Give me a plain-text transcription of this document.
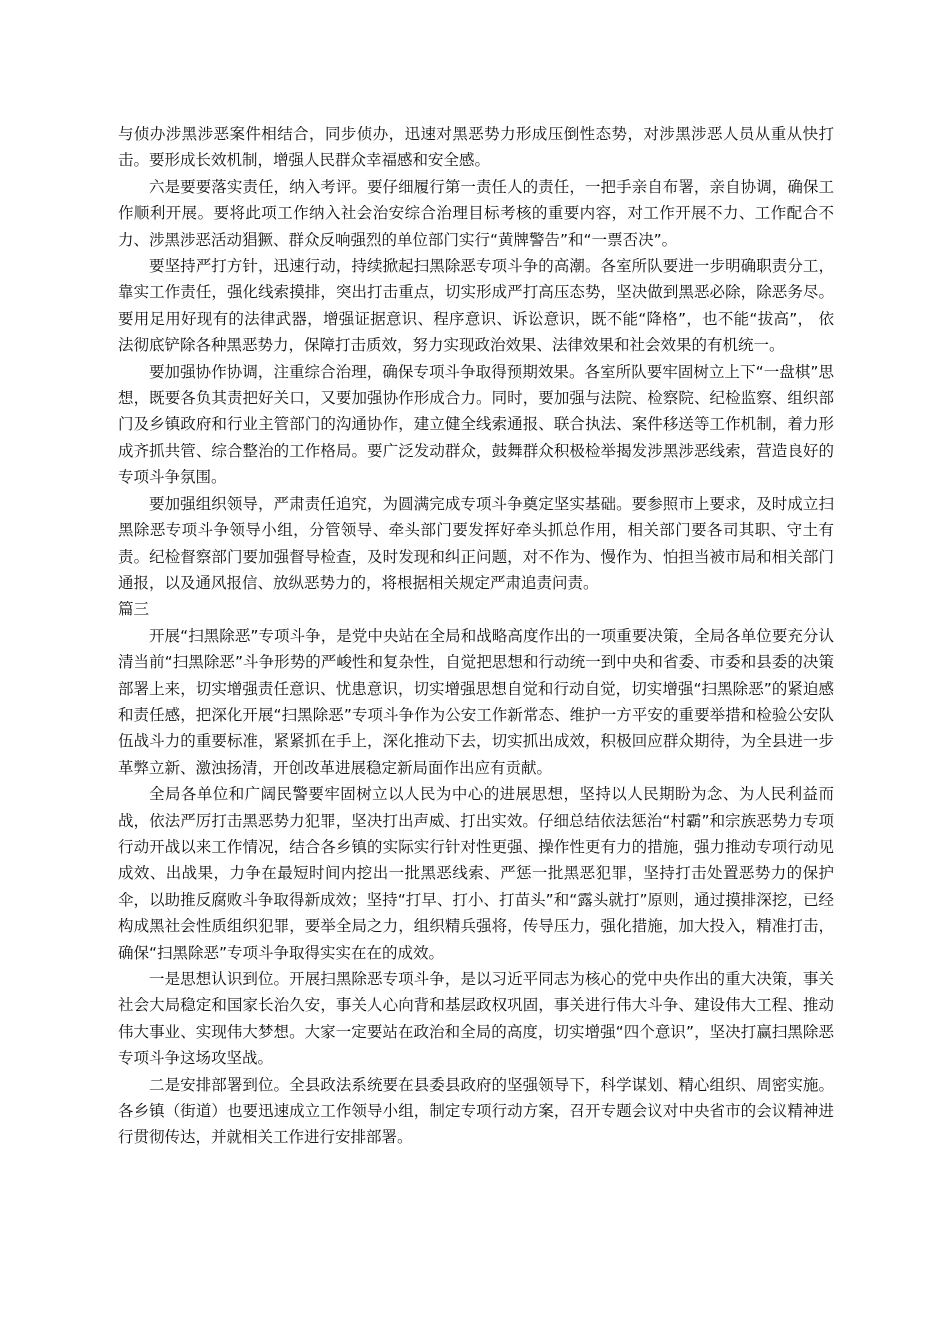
与侦办涉黑涉恶案件相结合，同步侦办，迅速对黑恶势力形成压倒性态势，对涉黑涉恶人员从重从快打击。要形成长效机制，增强人民群众幸福感和安全感。

六是要要落实责任，纳入考评。要仔细履行第一责任人的责任，一把手亲自布署，亲自协调，确保工作顺利开展。要将此项工作纳入社会治安综合治理目标考核的重要内容，对工作开展不力、工作配合不力、涉黑涉恶活动猖獗、群众反响强烈的单位部门实行“黄牌警告”和“一票否决”。

要坚持严打方针，迅速行动，持续掀起扫黑除恶专项斗争的高潮。各室所队要进一步明确职责分工，靠实工作责任，强化线索摸排，突出打击重点，切实形成严打高压态势，坚决做到黑恶必除，除恶务尽。要用足用好现有的法律武器，增强证据意识、程序意识、诉讼意识，既不能“降格”，也不能“拔高”， 依法彻底铲除各种黑恶势力，保障打击质效，努力实现政治效果、法律效果和社会效果的有机统一。

要加强协作协调，注重综合治理，确保专项斗争取得预期效果。各室所队要牢固树立上下“一盘棋”思想，既要各负其责把好关口，又要加强协作形成合力。同时，要加强与法院、检察院、纪检监察、组织部门及乡镇政府和行业主管部门的沟通协作，建立健全线索通报、联合执法、案件移送等工作机制，着力形成齐抓共管、综合整治的工作格局。要广泛发动群众，鼓舞群众积极检举揭发涉黑涉恶线索，营造良好的专项斗争氛围。

要加强组织领导，严肃责任追究，为圆满完成专项斗争奠定坚实基础。要参照市上要求，及时成立扫黑除恶专项斗争领导小组，分管领导、牵头部门要发挥好牵头抓总作用，相关部门要各司其职、守土有责。纪检督察部门要加强督导检查，及时发现和纠正问题，对不作为、慢作为、怕担当被市局和相关部门通报，以及通风报信、放纵恶势力的，将根据相关规定严肃追责问责。

篇三

开展“扫黑除恶”专项斗争，是党中央站在全局和战略高度作出的一项重要决策，全局各单位要充分认清当前“扫黑除恶”斗争形势的严峻性和复杂性，自觉把思想和行动统一到中央和省委、市委和县委的决策部署上来，切实增强责任意识、忧患意识，切实增强思想自觉和行动自觉，切实增强“扫黑除恶”的紧迫感和责任感，把深化开展“扫黑除恶”专项斗争作为公安工作新常态、维护一方平安的重要举措和检验公安队伍战斗力的重要标准，紧紧抓在手上，深化推动下去，切实抓出成效，积极回应群众期待，为全县进一步革弊立新、激浊扬清，开创改革进展稳定新局面作出应有贡献。

全局各单位和广阔民警要牢固树立以人民为中心的进展思想，坚持以人民期盼为念、为人民利益而战，依法严厉打击黑恶势力犯罪，坚决打出声威、打出实效。仔细总结依法惩治“村霸”和宗族恶势力专项行动开战以来工作情况，结合各乡镇的实际实行针对性更强、操作性更有力的措施，强力推动专项行动见成效、出战果，力争在最短时间内挖出一批黑恶线索、严惩一批黑恶犯罪，坚持打击处置恶势力的保护伞，以助推反腐败斗争取得新成效；坚持“打早、打小、打苗头”和“露头就打”原则，通过摸排深挖，已经构成黑社会性质组织犯罪，要举全局之力，组织精兵强将，传导压力，强化措施，加大投入，精准打击，确保“扫黑除恶”专项斗争取得实实在在的成效。

一是思想认识到位。开展扫黑除恶专项斗争，是以习近平同志为核心的党中央作出的重大决策，事关社会大局稳定和国家长治久安，事关人心向背和基层政权巩固，事关进行伟大斗争、建设伟大工程、推动伟大事业、实现伟大梦想。大家一定要站在政治和全局的高度，切实增强“四个意识”，坚决打赢扫黑除恶专项斗争这场攻坚战。

二是安排部署到位。全县政法系统要在县委县政府的坚强领导下，科学谋划、精心组织、周密实施。各乡镇（街道）也要迅速成立工作领导小组，制定专项行动方案，召开专题会议对中央省市的会议精神进行贯彻传达，并就相关工作进行安排部署。
